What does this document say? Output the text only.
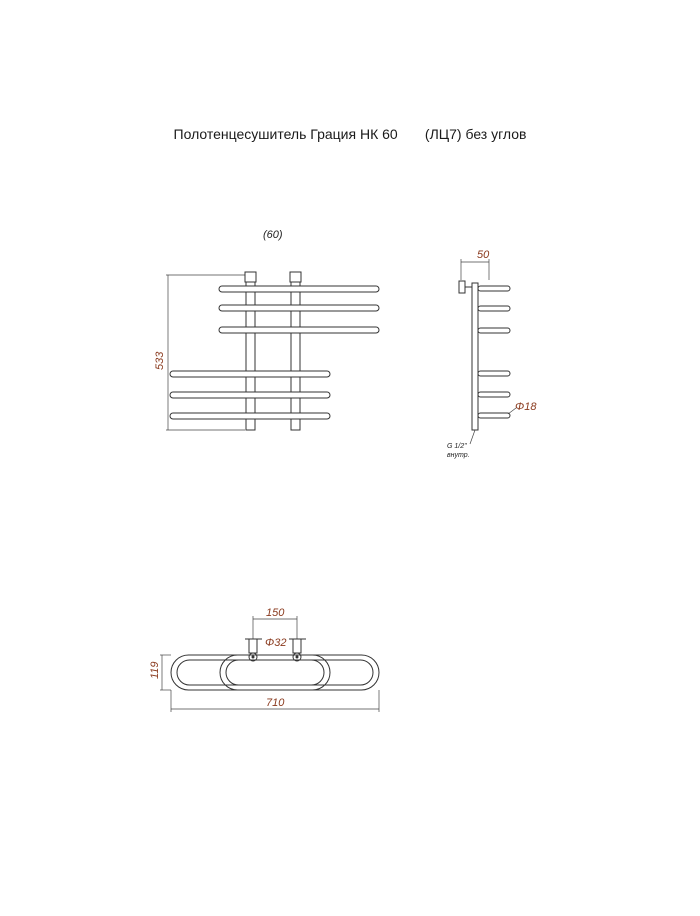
Полотенцесушитель Грация НК 60       (ЛЦ7) без углов
(60)
533
50
Φ18
G 1/2"
внутр.
150
Φ32
119
710
